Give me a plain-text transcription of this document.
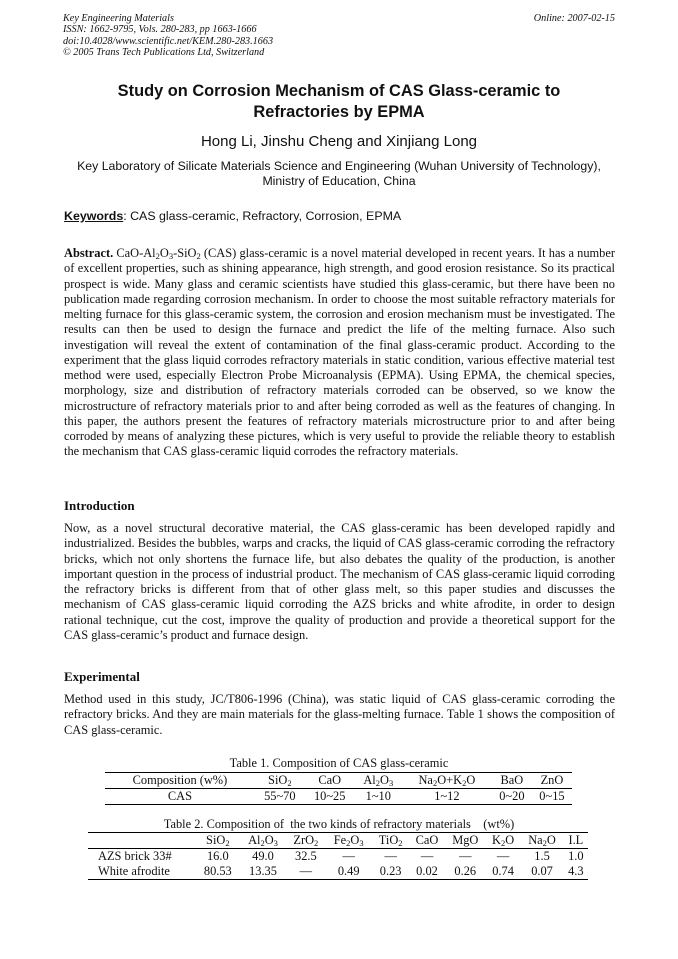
Key Engineering Materials
ISSN: 1662-9795, Vols. 280-283, pp 1663-1666
doi:10.4028/www.scientific.net/KEM.280-283.1663
© 2005 Trans Tech Publications Ltd, Switzerland
Online: 2007-02-15
Study on Corrosion Mechanism of CAS Glass-ceramic to
Refractories by EPMA
Hong Li, Jinshu Cheng and Xinjiang Long
Key Laboratory of Silicate Materials Science and Engineering (Wuhan University of Technology),
Ministry of Education, China
Keywords: CAS glass-ceramic, Refractory, Corrosion, EPMA
Abstract. CaO-$Al_2O_3-SiO_2$ (CAS) glass-ceramic is a novel material developed in recent years. It has a number of excellent properties, such as shining appearance, high strength, and good erosion resistance. So its practical prospect is wide. Many glass and ceramic scientists have studied this glass-ceramic, but there have been no publication made regarding corrosion mechanism. In order to choose the most suitable refractory materials for melting furnace for this glass-ceramic system, the corrosion and erosion mechanism must be investigated. The results can then be used to design the furnace and predict the life of the melting furnace. Also such investigation will reveal the extent of contamination of the final glass-ceramic product. According to the experiment that the glass liquid corrodes refractory materials in static condition, various effective material test method were used, especially Electron Probe Microanalysis (EPMA). Using EPMA, the chemical species, morphology, size and distribution of refractory materials corroded can be observed, so we know the microstructure of refractory materials prior to and after being corroded as well as the features of changing. In this paper, the authors present the features of refractory materials microstructure prior to and after being corroded by means of analyzing these pictures, which is very useful to provide the reliable theory to establish the mechanism that CAS glass-ceramic liquid corrodes the refractory materials.
Introduction
Now, as a novel structural decorative material, the CAS glass-ceramic has been developed rapidly and industrialized. Besides the bubbles, warps and cracks, the liquid of CAS glass-ceramic corroding the refractory bricks, which not only shortens the furnace life, but also debates the quality of the production, is another important question in the process of industrial product. The mechanism of CAS glass-ceramic liquid corroding the refractory bricks is different from that of other glass melt, so this paper studies and discusses the mechanism of CAS glass-ceramic liquid corroding the AZS bricks and white afrodite, in order to design rational technique, cut the cost, improve the quality of production and provide a theoretical support for the CAS glass-ceramic’s product and furnace design.
Experimental
Method used in this study, JC/T806-1996 (China), was static liquid of CAS glass-ceramic corroding the refractory bricks. And they are main materials for the glass-melting furnace. Table 1 shows the composition of CAS glass-ceramic.
Table 1. Composition of CAS glass-ceramic
Composition (w%)	SiO$_2$	CaO	$Al_2O_3$	$Na_2O+K_2O$	BaO	ZnO
CAS	55~70	10~25	1~10	1~12	0~20	0~15
Table 2. Composition of  the two kinds of refractory materials    (wt%)
	SiO$_2$	$Al_2O_3$	ZrO$_2$	$Fe_2O_3$	TiO$_2$	CaO	MgO	$K_2O$	$Na_2O$	I.L
AZS brick 33#	16.0	49.0	32.5	—	—	—	—	—	1.5	1.0
White afrodite	80.53	13.35	—	0.49	0.23	0.02	0.26	0.74	0.07	4.3
